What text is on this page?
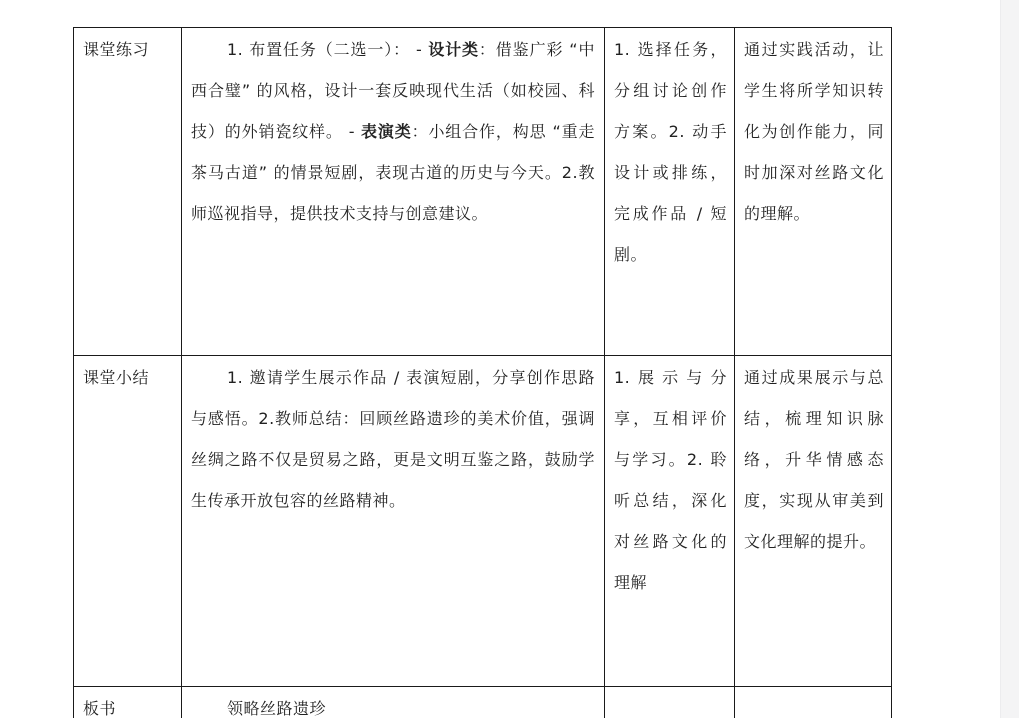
课堂练习	1. 布置任务（二选一）： - 设计类：借鉴广彩 “中西合璧” 的风格，设计一套反映现代生活（如校园、科技）的外销瓷纹样。 - 表演类：小组合作，构思 “重走茶马古道” 的情景短剧，表现古道的历史与今天。2.教师巡视指导，提供技术支持与创意建议。	1. 选择任务，分组讨论创作方案。2. 动手设计或排练，完成作品 / 短剧。	通过实践活动，让学生将所学知识转化为创作能力，同时加深对丝路文化的理解。
课堂小结	1. 邀请学生展示作品 / 表演短剧，分享创作思路与感悟。2.教师总结：回顾丝路遗珍的美术价值，强调丝绸之路不仅是贸易之路，更是文明互鉴之路，鼓励学生传承开放包容的丝路精神。	1.展示与分享，互相评价与学习。2. 聆听总结，深化对丝路文化的理解	通过成果展示与总结，梳理知识脉络，升华情感态度，实现从审美到文化理解的提升。
板书	领略丝路遗珍		
